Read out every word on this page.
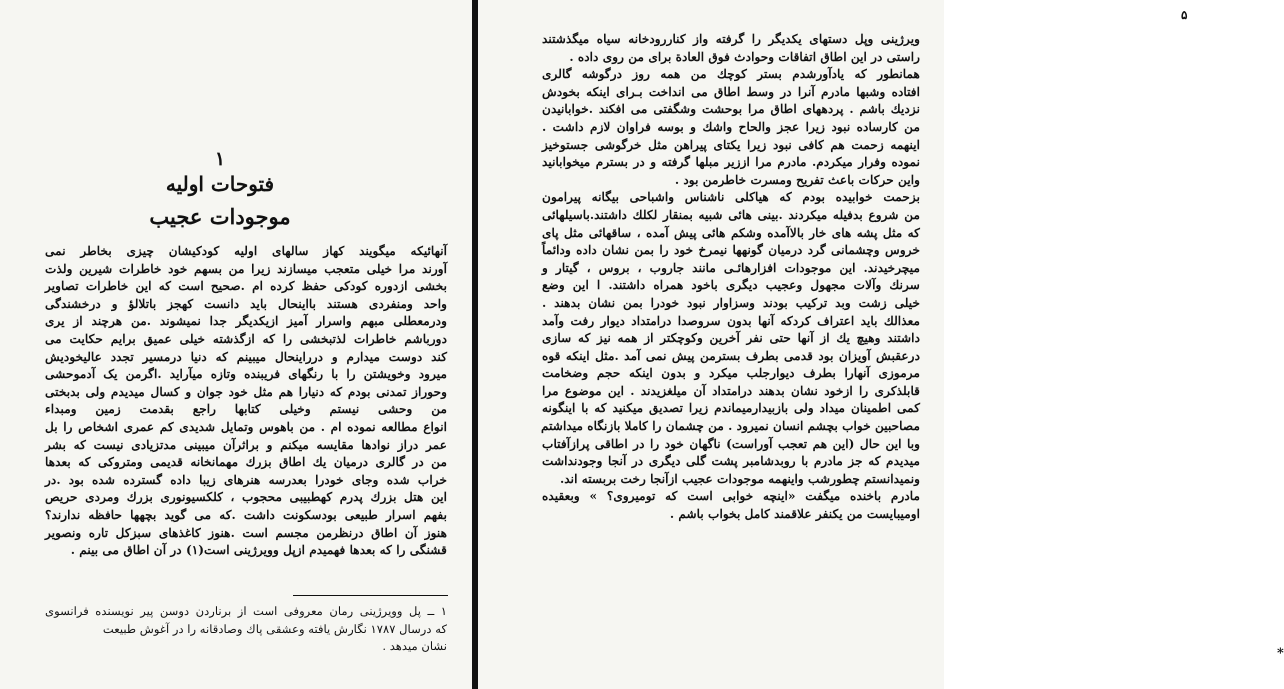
۱
فتوحات اولیه
موجودات عجیب
آنهائیکه میگویند کهاز سالهای اولیه کودکیشان چیزی بخاطر نمی
آورند مرا خیلی متعجب میسازند زیرا من بسهم خود خاطرات شیرین ولذت
بخشی ازدوره کودکی حفظ کرده ام .صحیح است که این خاطرات تصاویر
واحد ومنفردی هستند بااینحال باید دانست کهجز باتلالؤ و درخشندگی
ودرمعطلی مبهم واسرار آمیز ازیکدیگر جدا نمیشوند .من هرچند از یری
دورباشم خاطرات لذتبخشی را که ازگذشته خیلی عمیق برایم حکایت می
کند دوست میدارم و درراینحال میبینم که دنیا درمسیر تجدد عالیخودیش
میرود وخویشتن را با رنگهای فریبنده وتازه میآراید .اگرمن یک آدموحشی
وحوراز تمدنی بودم که دنیارا هم مثل خود جوان و کسال میدیدم ولی بدبختی
من وحشی نیستم وخیلی کتابها راجع بقدمت زمین ومبداء
انواع مطالعه نموده ام . من باهوس وتمایل شدیدی کم عمری اشخاص را بل
عمر دراز نوادها مقایسه میکنم و براثرآن میبینی مدتزیادی نیست که بشر
من در گالری درمیان یك اطاق بزرك مهمانخانه قدیمی ومتروکی که بعدها
خراب شده وجای خودرا بعدرسه هنرهای زیبا داده گسترده شده بود .در
این هتل بزرك پدرم کهطبیبی محجوب ، کلکسیونوری بزرك ومردی حریص
بفهم اسرار طبیعی بودسکونت داشت .که می گوید بچهها حافظه ندارند؟
هنوز آن اطاق درنظرمن مجسم است .هنوز کاغذهای سبزکل تاره ونصویر
قشنگی را که بعدها فهمیدم ازپل وویرژینی است(۱) در آن اطاق می بینم .
۱ ــ پل وویرژینی رمان معروفی است از برناردن دوسن پیر نویسنده فرانسوی
که درسال ۱۷۸۷ نگارش یافته وعشقی پاك وصادقانه را در آغوش طبیعت
نشان میدهد .
۵
*
ویرژینی وپل دستهای یکدیگر را گرفته واز کناررودخانه سیاه میگذشتند
راستی در این اطاق اتفاقات وحوادث فوق العادة برای من روی داده .
همانطور که یادآورشدم بستر کوچك من همه روز درگوشه گالری
افتاده وشبها مادرم آنرا در وسط اطاق می انداخت بـرای اینکه بخودش
نزدیك باشم . پردههای اطاق مرا بوحشت وشگفتی می افکند .خوابانیدن
من کارساده نبود زیرا عجز والحاح واشك و بوسه فراوان لازم داشت .
اینهمه زحمت هم کافی نبود زیرا یکتای پیراهن مثل خرگوشی جستوخیز
نموده وفرار میکردم. مادرم مرا اززیر مبلها گرفته و در بسترم میخوابانید
واین حرکات باعث تفریح ومسرت خاطرمن بود .
بزحمت خوابیده بودم که هیاکلی ناشناس واشباحی بیگانه پیرامون
من شروع بدفیله میکردند .بینی هائی شبیه بمنقار لکلك داشتند.باسیلهائی
که مثل پشه های خار بالاآمده وشکم هائی پیش آمده ، ساقهائی مثل پای
خروس وچشمانی گرد درمیان گونهها نیمرخ خود را بمن نشان داده ودائماً
میچرخیدند. این موجودات افزارهائـی مانند جاروب ، بروس ، گیتار و
سرنك وآلات مجهول وعجیب دیگری باخود همراه داشتند. ا اين وضع
خیلی زشت وبد ترکیب بودند وسزاوار نبود خودرا بمن نشان بدهند .
معذالك باید اعتراف کردکه آنها بدون سروصدا درامتداد دیوار رفت وآمد
داشتند وهیچ یك از آنها حتی نفر آخرین وکوچکتر از همه نیز که سازی
درعقبش آویزان بود قدمی بطرف بسترمن پیش نمی آمد .مثل اینکه قوه
مرموزی آنهارا بطرف دیوارجلب میکرد و بدون اینکه حجم وضخامت
قابلذکری را ازخود نشان بدهند درامتداد آن میلغزیدند . این موضوع مرا
کمی اطمینان میداد ولی بازبیدارمیماندم زیرا تصدیق میکنید که با اینگونه
مصاحبین خواب بچشم انسان نمیرود . من چشمان را کاملا بازنگاه میداشتم
وبا این حال (این هم تعجب آوراست) ناگهان خود را در اطاقی پرازآفتاب
میدیدم که جز مادرم با روبدشامبر پشت گلی دیگری در آنجا وجودنداشت
ونمیدانستم چطورشب واینهمه موجودات عجیب ازآنجا رخت بربسته اند.
مادرم باخنده میگفت «اینچه خوابی است که تومیروی؟ » وبعقیده
اومیبایست من یکنفر علاقمند کامل بخواب باشم .
